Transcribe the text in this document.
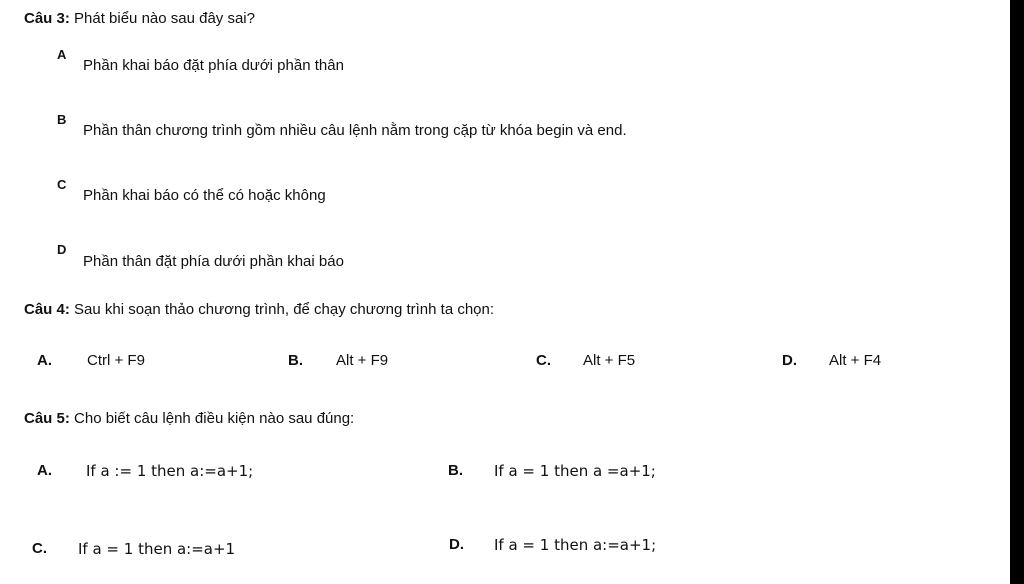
Câu 3: Phát biểu nào sau đây sai?
A
Phần khai báo đặt phía dưới phần thân
B
Phần thân chương trình gồm nhiều câu lệnh nằm trong cặp từ khóa begin và end.
C
Phần khai báo có thể có hoặc không
D
Phần thân đặt phía dưới phần khai báo
Câu 4: Sau khi soạn thảo chương trình, để chạy chương trình ta chọn:
A. Ctrl + F9	B. Alt + F9	C. Alt + F5	D. Alt + F4
Câu 5: Cho biết câu lệnh điều kiện nào sau đúng:
A. If a := 1 then a:=a+1;	B. If a = 1 then a =a+1;
C. If a = 1 then a:=a+1	D. If a = 1 then a:=a+1;
